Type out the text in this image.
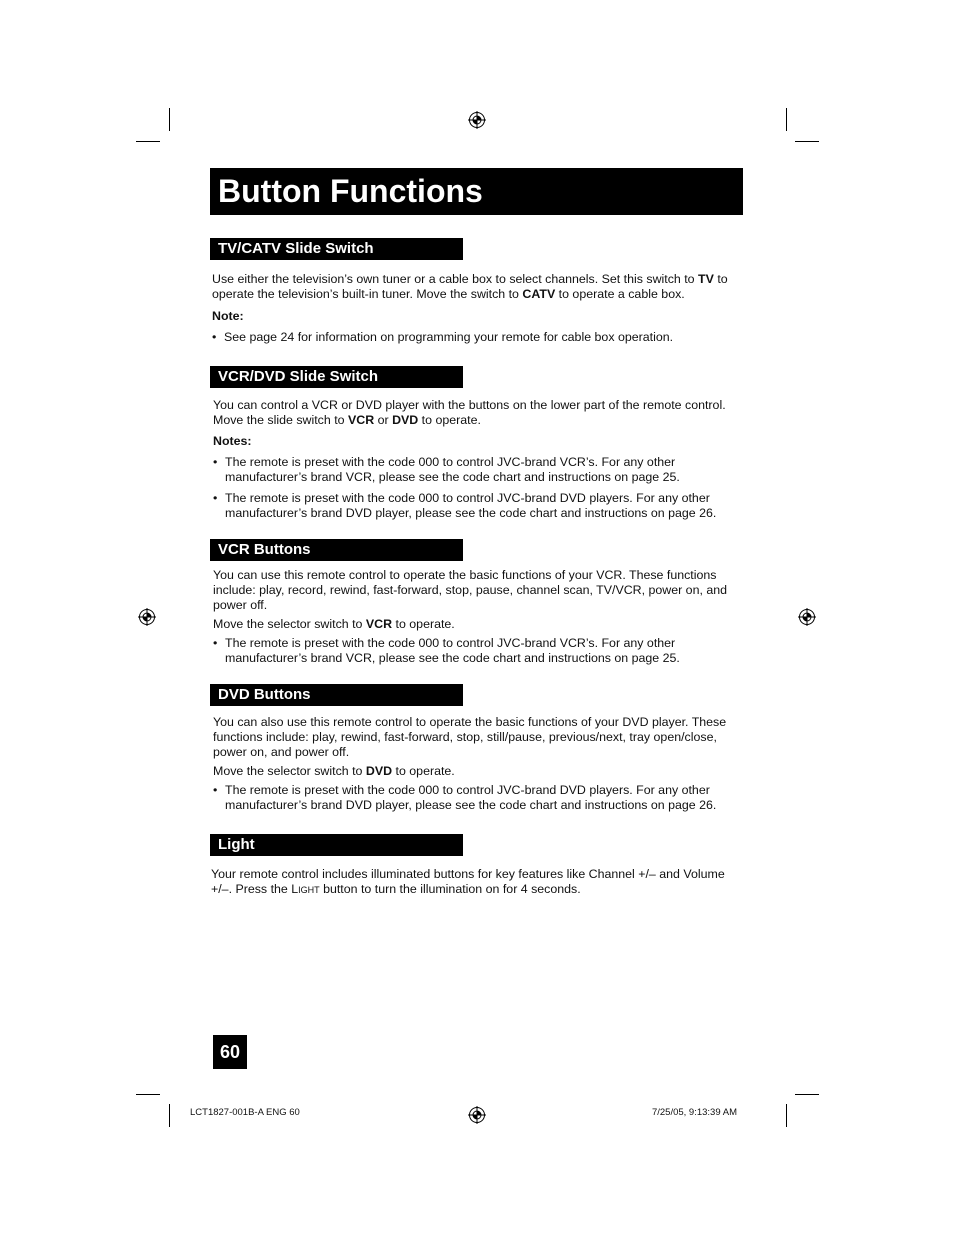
Button Functions
TV/CATV Slide Switch
Use either the television’s own tuner or a cable box to select channels. Set this switch to TV to operate the television’s built-in tuner. Move the switch to CATV to operate a cable box.
Note:
• See page 24 for information on programming your remote for cable box operation.
VCR/DVD Slide Switch
You can control a VCR or DVD player with the buttons on the lower part of the remote control. Move the slide switch to VCR or DVD to operate.
Notes:
• The remote is preset with the code 000 to control JVC-brand VCR’s. For any other manufacturer’s brand VCR, please see the code chart and instructions on page 25.
• The remote is preset with the code 000 to control JVC-brand DVD players. For any other manufacturer’s brand DVD player, please see the code chart and instructions on page 26.
VCR Buttons
You can use this remote control to operate the basic functions of your VCR. These functions include: play, record, rewind, fast-forward, stop, pause, channel scan, TV/VCR, power on, and power off.
Move the selector switch to VCR to operate.
• The remote is preset with the code 000 to control JVC-brand VCR’s. For any other manufacturer’s brand VCR, please see the code chart and instructions on page 25.
DVD Buttons
You can also use this remote control to operate the basic functions of your DVD player. These functions include: play, rewind, fast-forward, stop, still/pause, previous/next, tray open/close, power on, and power off.
Move the selector switch to DVD to operate.
• The remote is preset with the code 000 to control JVC-brand DVD players. For any other manufacturer’s brand DVD player, please see the code chart and instructions on page 26.
Light
Your remote control includes illuminated buttons for key features like Channel +/– and Volume +/–. Press the Light button to turn the illumination on for 4 seconds.
60
LCT1827-001B-A ENG 60	7/25/05, 9:13:39 AM
